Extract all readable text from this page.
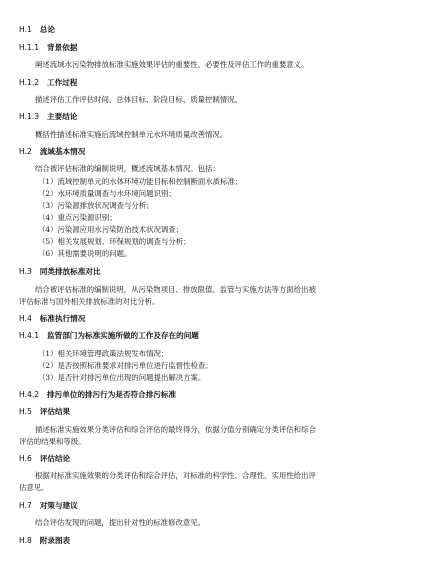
H.1 总论
H.1.1 背景依据
阐述流域水污染物排放标准实施效果评估的重要性、必要性及评估工作的重要意义。
H.1.2 工作过程
描述评估工作评估时间、总体目标、阶段目标、质量控制情况。
H.1.3 主要结论
概括性描述标准实施后流域控制单元水环境质量改善情况。
H.2 流域基本情况
结合被评估标准的编制说明，概述流域基本情况。包括：
（1）流域控制单元的水体环境功能目标和控制断面水质标准；
（2）水环境质量调查与水环境问题识别；
（3）污染源排放状况调查与分析；
（4）重点污染源识别；
（4）污染源应用水污染防治技术状况调查；
（5）相关发展规划、环保规划的调查与分析；
（6）其他需要说明的问题。
H.3 同类排放标准对比
结合被评估标准的编制说明，从污染物项目、排放限值、监管与实施方法等方面给出被
评估标准与国外相关排放标准的对比分析。
H.4 标准执行情况
H.4.1 监管部门为标准实施所做的工作及存在的问题
（1）相关环境管理政策法规发布情况；
（2）是否按照标准要求对排污单位进行监督性检查；
（3）是否针对排污单位出现的问题提出解决方案。
H.4.2 排污单位的排污行为是否符合排污标准
H.5 评估结果
描述标准实施效果分类评估和综合评估的最终得分，依据分值分别确定分类评估和综合
评估的结果和等级。
H.6 评估结论
根据对标准实施效果的分类评估和综合评估，对标准的科学性、合理性、实用性给出评
估意见。
H.7 对策与建议
结合评估发现的问题，提出针对性的标准修改意见。
H.8 附录图表
